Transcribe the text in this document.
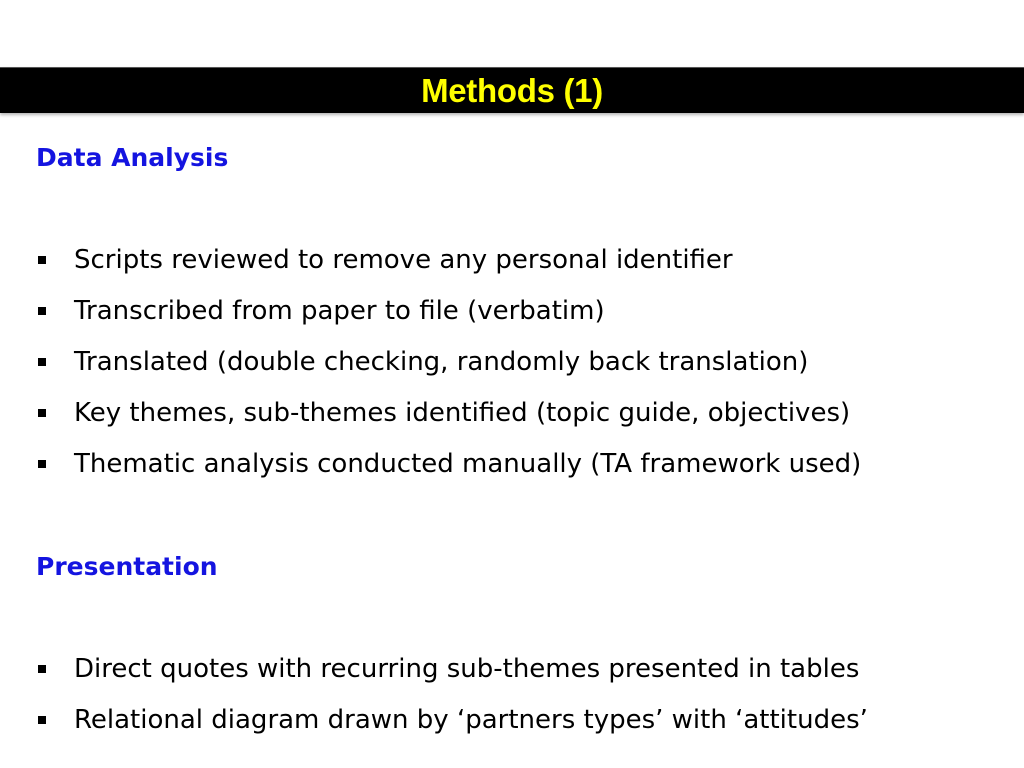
Methods (1)
Data Analysis
Scripts reviewed to remove any personal identifier
Transcribed from paper to file (verbatim)
Translated (double checking, randomly back translation)
Key themes, sub-themes identified (topic guide, objectives)
Thematic analysis conducted manually (TA framework used)
Presentation
Direct quotes with recurring sub-themes presented in tables
Relational diagram drawn by ‘partners types’ with ‘attitudes’
